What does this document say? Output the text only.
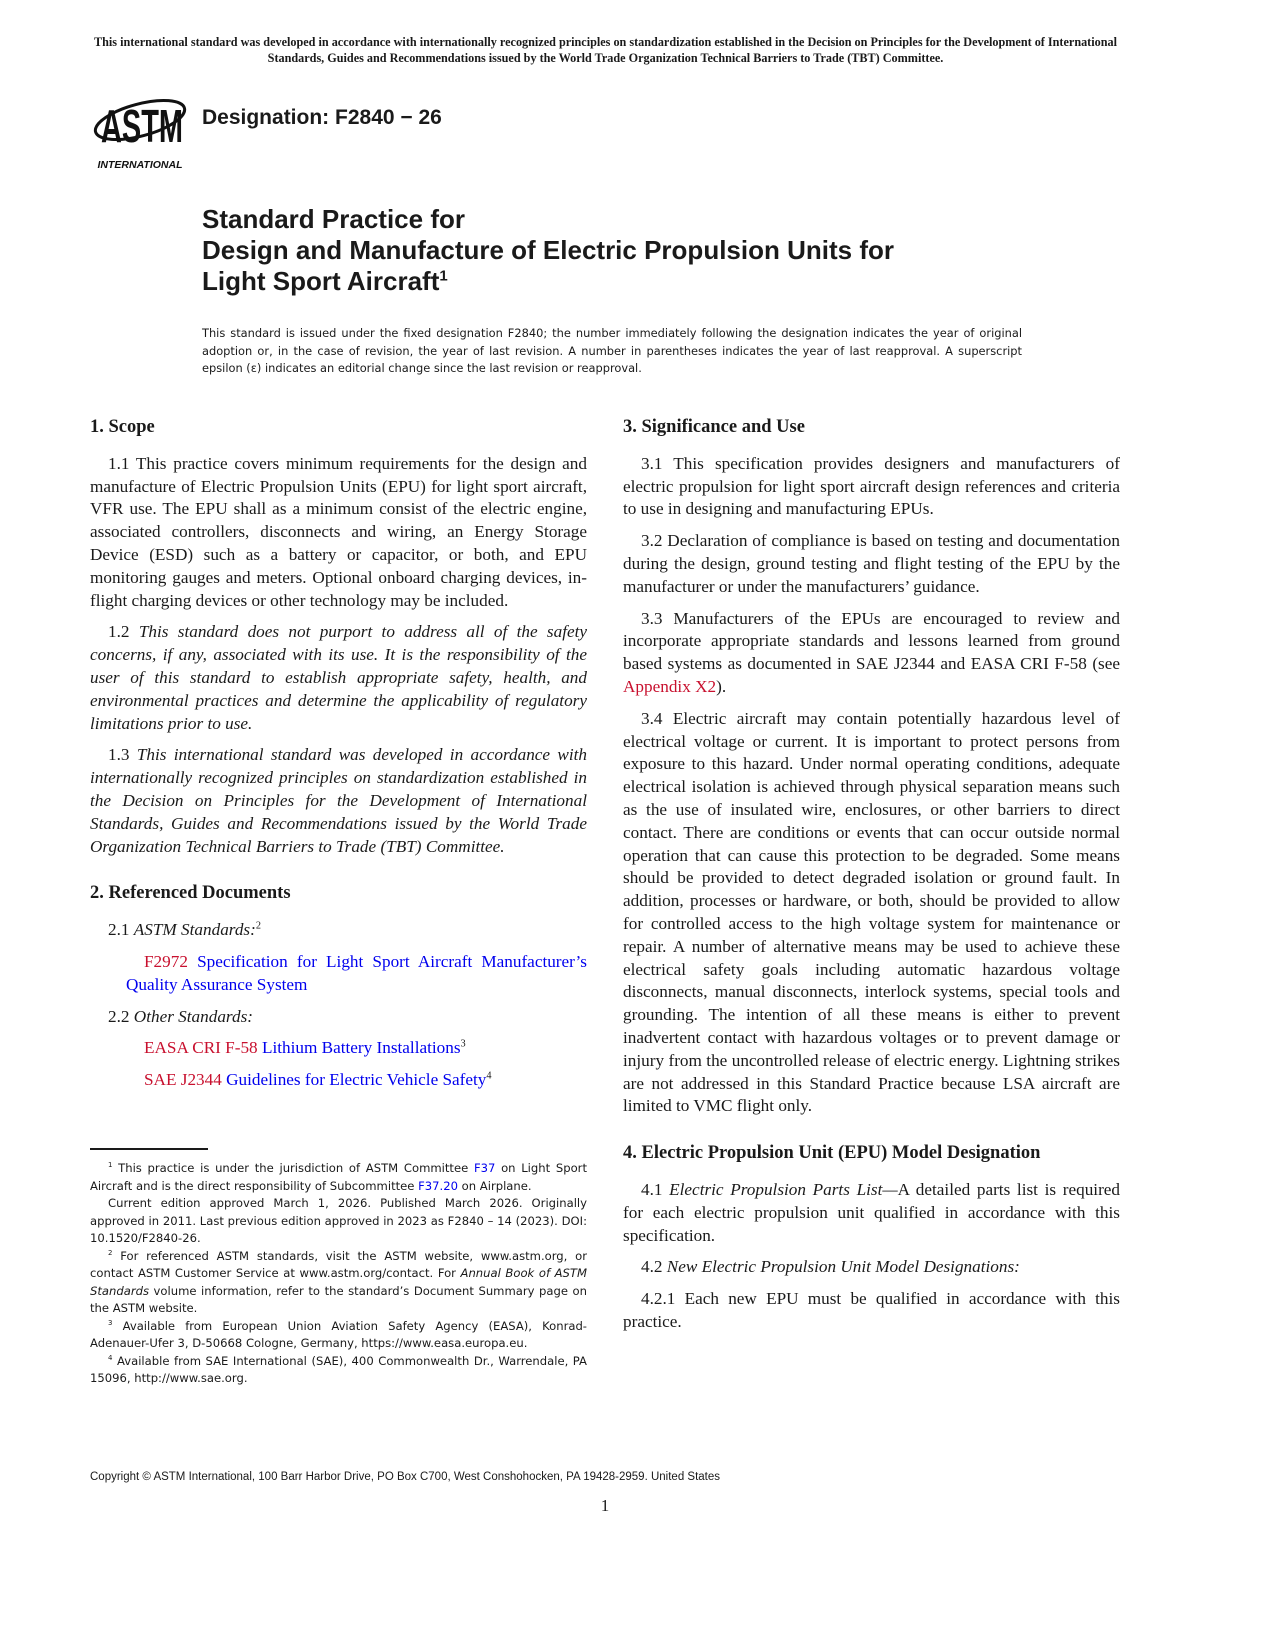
This international standard was developed in accordance with internationally recognized principles on standardization established in the Decision on Principles for the Development of International Standards, Guides and Recommendations issued by the World Trade Organization Technical Barriers to Trade (TBT) Committee.
ASTM
INTERNATIONAL
Designation: F2840 − 26
Standard Practice for
Design and Manufacture of Electric Propulsion Units for
Light Sport Aircraft$^1$
This standard is issued under the fixed designation F2840; the number immediately following the designation indicates the year of original adoption or, in the case of revision, the year of last revision. A number in parentheses indicates the year of last reapproval. A superscript epsilon (ε) indicates an editorial change since the last revision or reapproval.
1. Scope

1.1 This practice covers minimum requirements for the design and manufacture of Electric Propulsion Units (EPU) for light sport aircraft, VFR use. The EPU shall as a minimum consist of the electric engine, associated controllers, disconnects and wiring, an Energy Storage Device (ESD) such as a battery or capacitor, or both, and EPU monitoring gauges and meters. Optional onboard charging devices, in-flight charging devices or other technology may be included.

1.2 This standard does not purport to address all of the safety concerns, if any, associated with its use. It is the responsibility of the user of this standard to establish appropriate safety, health, and environmental practices and determine the applicability of regulatory limitations prior to use.

1.3 This international standard was developed in accordance with internationally recognized principles on standardization established in the Decision on Principles for the Development of International Standards, Guides and Recommendations issued by the World Trade Organization Technical Barriers to Trade (TBT) Committee.

2. Referenced Documents

2.1 ASTM Standards:$^2$

F2972 Specification for Light Sport Aircraft Manufacturer’s Quality Assurance System

2.2 Other Standards:

EASA CRI F-58 Lithium Battery Installations$^3$

SAE J2344 Guidelines for Electric Vehicle Safety$^4$

$^1$ This practice is under the jurisdiction of ASTM Committee F37 on Light Sport Aircraft and is the direct responsibility of Subcommittee F37.20 on Airplane.

Current edition approved March 1, 2026. Published March 2026. Originally approved in 2011. Last previous edition approved in 2023 as F2840 – 14 (2023). DOI: 10.1520/F2840-26.

$^2$ For referenced ASTM standards, visit the ASTM website, www.astm.org, or contact ASTM Customer Service at www.astm.org/contact. For Annual Book of ASTM Standards volume information, refer to the standard’s Document Summary page on the ASTM website.

$^3$ Available from European Union Aviation Safety Agency (EASA), Konrad-Adenauer-Ufer 3, D-50668 Cologne, Germany, https://www.easa.europa.eu.

$^4$ Available from SAE International (SAE), 400 Commonwealth Dr., Warrendale, PA 15096, http://www.sae.org.

3. Significance and Use

3.1 This specification provides designers and manufacturers of electric propulsion for light sport aircraft design references and criteria to use in designing and manufacturing EPUs.

3.2 Declaration of compliance is based on testing and documentation during the design, ground testing and flight testing of the EPU by the manufacturer or under the manufacturers’ guidance.

3.3 Manufacturers of the EPUs are encouraged to review and incorporate appropriate standards and lessons learned from ground based systems as documented in SAE J2344 and EASA CRI F-58 (see Appendix X2).

3.4 Electric aircraft may contain potentially hazardous level of electrical voltage or current. It is important to protect persons from exposure to this hazard. Under normal operating conditions, adequate electrical isolation is achieved through physical separation means such as the use of insulated wire, enclosures, or other barriers to direct contact. There are conditions or events that can occur outside normal operation that can cause this protection to be degraded. Some means should be provided to detect degraded isolation or ground fault. In addition, processes or hardware, or both, should be provided to allow for controlled access to the high voltage system for maintenance or repair. A number of alternative means may be used to achieve these electrical safety goals including automatic hazardous voltage disconnects, manual disconnects, interlock systems, special tools and grounding. The intention of all these means is either to prevent inadvertent contact with hazardous voltages or to prevent damage or injury from the uncontrolled release of electric energy. Lightning strikes are not addressed in this Standard Practice because LSA aircraft are limited to VMC flight only.

4. Electric Propulsion Unit (EPU) Model Designation

4.1 Electric Propulsion Parts List—A detailed parts list is required for each electric propulsion unit qualified in accordance with this specification.

4.2 New Electric Propulsion Unit Model Designations:

4.2.1 Each new EPU must be qualified in accordance with this practice.

Copyright © ASTM International, 100 Barr Harbor Drive, PO Box C700, West Conshohocken, PA 19428-2959. United States
1
